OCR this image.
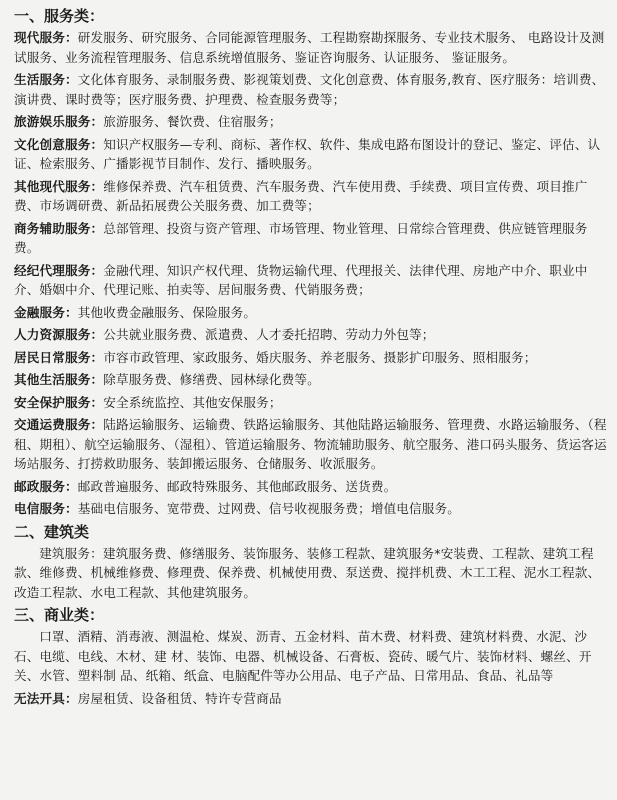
一、服务类：
现代服务：研发服务、研究服务、合同能源管理服务、工程勘察勘探服务、专业技术服务、 电路设计及测试服务、业务流程管理服务、信息系统增值服务、鉴证咨询服务、认证服务、 鉴证服务。
生活服务：文化体育服务、录制服务费、影视策划费、文化创意费、体育服务,教育、医疗服务：培训费、演讲费、课时费等；医疗服务费、护理费、检查服务费等；
旅游娱乐服务：旅游服务、餐饮费、住宿服务；
文化创意服务：知识产权服务—专利、商标、著作权、软件、集成电路布图设计的登记、鉴定、评估、认证、检索服务、广播影视节目制作、发行、播映服务。
其他现代服务：维修保养费、汽车租赁费、汽车服务费、汽车使用费、手续费、项目宣传费、项目推广费、市场调研费、新品拓展费公关服务费、加工费等；
商务辅助服务：总部管理、投资与资产管理、市场管理、物业管理、日常综合管理费、供应链管理服务费。
经纪代理服务：金融代理、知识产权代理、货物运输代理、代理报关、法律代理、房地产中介、职业中介、婚姻中介、代理记账、拍卖等、居间服务费、代销服务费；
金融服务：其他收费金融服务、保险服务。
人力资源服务：公共就业服务费、派遣费、人才委托招聘、劳动力外包等；
居民日常服务：市容市政管理、家政服务、婚庆服务、养老服务、摄影扩印服务、照相服务；
其他生活服务：除草服务费、修缮费、园林绿化费等。
安全保护服务：安全系统监控、其他安保服务；
交通运费服务：陆路运输服务、运输费、铁路运输服务、其他陆路运输服务、管理费、水路运输服务、（程租、期租）、航空运输服务、（湿租）、管道运输服务、物流辅助服务、航空服务、港口码头服务、货运客运场站服务、打捞救助服务、装卸搬运服务、仓储服务、收派服务。
邮政服务：邮政普遍服务、邮政特殊服务、其他邮政服务、送货费。
电信服务：基础电信服务、宽带费、过网费、信号收视服务费；增值电信服务。
二、建筑类
建筑服务：建筑服务费、修缮服务、装饰服务、装修工程款、建筑服务*安装费、工程款、建筑工程款、维修费、机械维修费、修理费、保养费、机械使用费、泵送费、搅拌机费、木工工程、泥水工程款、改造工程款、水电工程款、其他建筑服务。
三、商业类：
口罩、酒精、消毒液、测温枪、煤炭、沥青、五金材料、苗木费、材料费、建筑材料费、水泥、沙石、电缆、电线、木材、建 材、装饰、电器、机械设备、石膏板、瓷砖、暖气片、装饰材料、螺丝、开关、水管、塑料制 品、纸箱、纸盒、电脑配件等办公用品、电子产品、日常用品、食品、礼品等
无法开具：房屋租赁、设备租赁、特许专营商品
